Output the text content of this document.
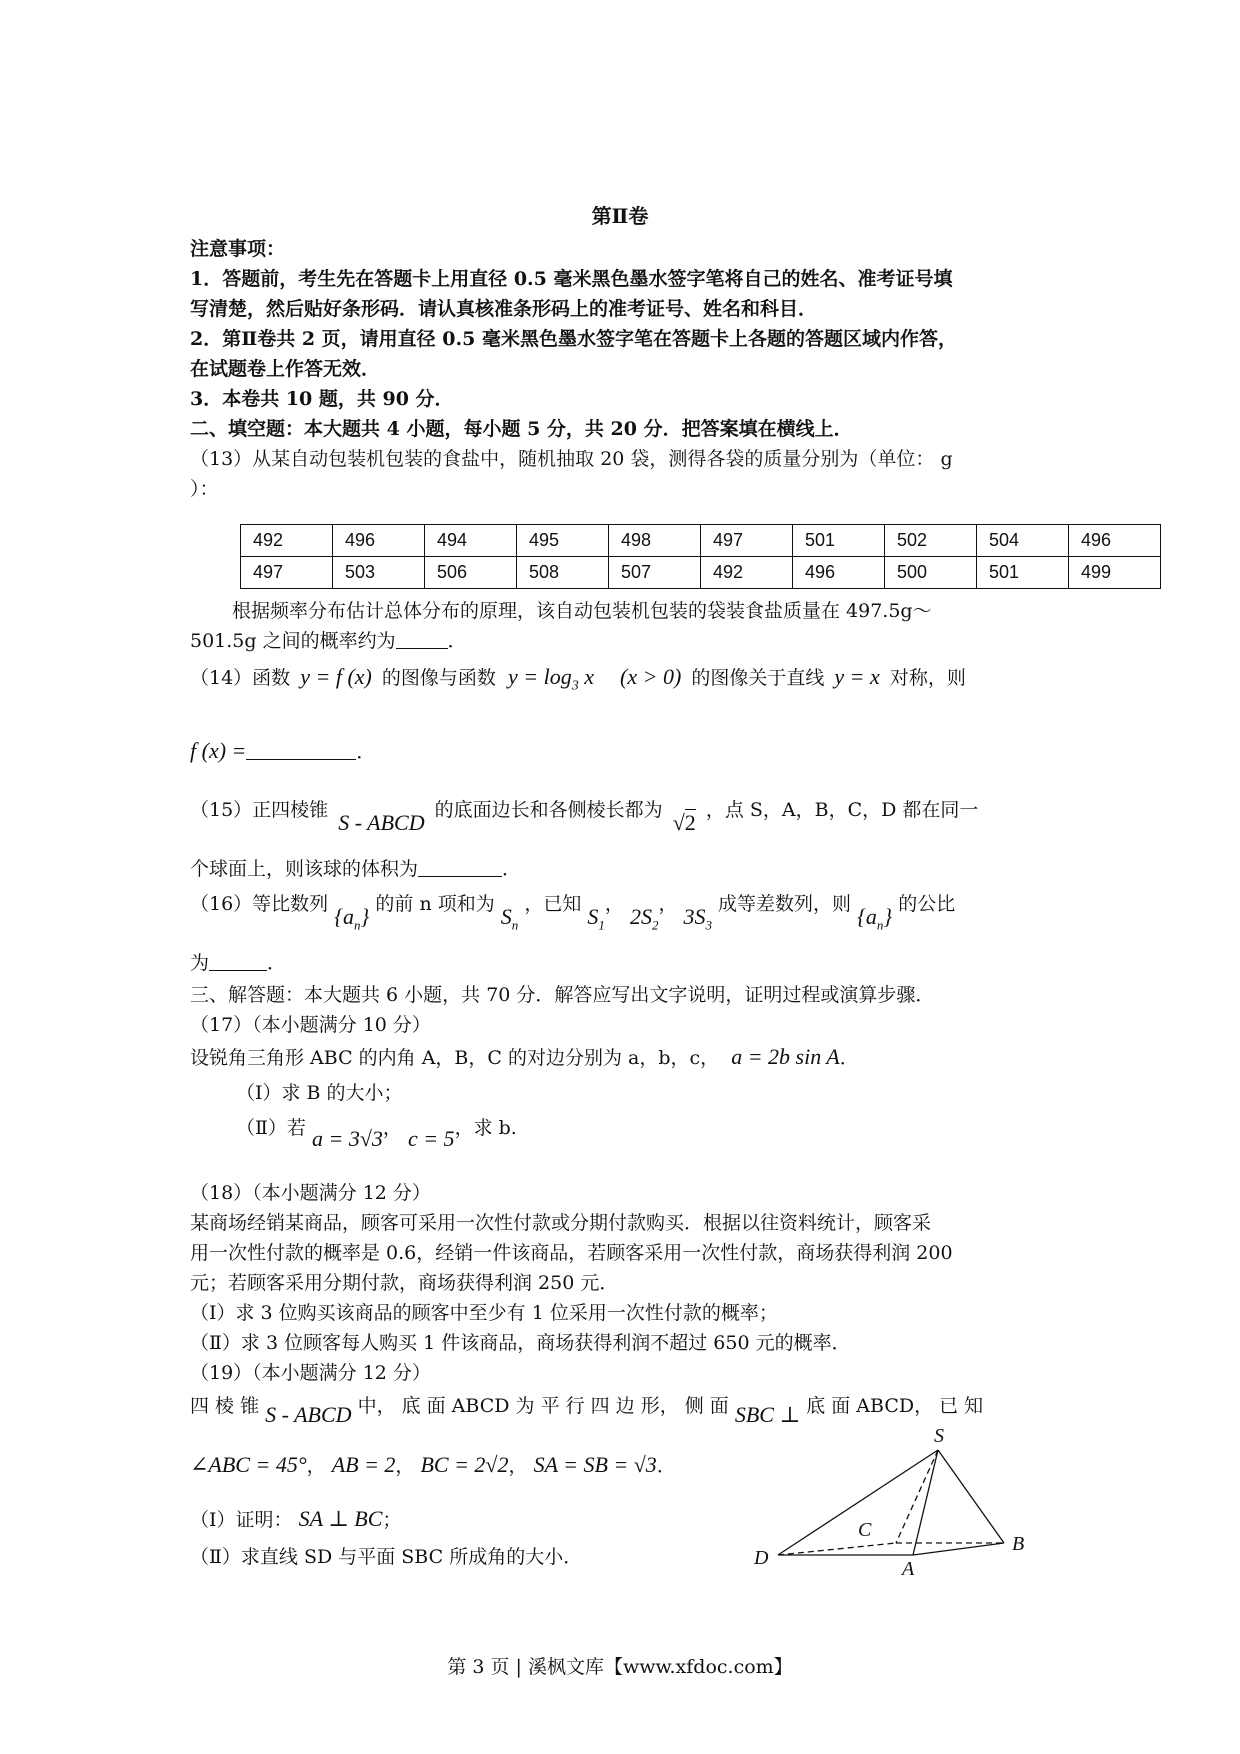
第Ⅱ卷
注意事项：
1．答题前，考生先在答题卡上用直径 0.5 毫米黑色墨水签字笔将自己的姓名、准考证号填
写清楚，然后贴好条形码．请认真核准条形码上的准考证号、姓名和科目．
2．第Ⅱ卷共 2 页，请用直径 0.5 毫米黑色墨水签字笔在答题卡上各题的答题区域内作答，
在试题卷上作答无效．
3．本卷共 10 题，共 90 分．
二、填空题：本大题共 4 小题，每小题 5 分，共 20 分．把答案填在横线上．
（13）从某自动包装机包装的食盐中，随机抽取 20 袋，测得各袋的质量分别为（单位： g
）：
492	496	494	495	498	497	501	502	504	496
497	503	506	508	507	492	496	500	501	499
根据频率分布估计总体分布的原理，该自动包装机包装的袋装食盐质量在 497.5g～
501.5g 之间的概率约为	．
（14）函数 y = f (x) 的图像与函数 $y = \log_3 x$ (x > 0) 的图像关于直线 y = x 对称，则
f (x) =	．
（15）正四棱锥 S - ABCD 的底面边长和各侧棱长都为 √2 ，点 S，A，B，C，D 都在同一
个球面上，则该球的体积为	．
（16）等比数列 $\{a_n\}$ 的前 n 项和为 $S_n$ ，已知 $S_1$， $2S_2$， $3S_3$ 成等差数列，则 $\{a_n\}$ 的公比
为	．
三、解答题：本大题共 6 小题，共 70 分．解答应写出文字说明，证明过程或演算步骤．
（17）（本小题满分 10 分）
设锐角三角形 ABC 的内角 A，B，C 的对边分别为 a，b，c， a = 2b sin A．
（Ⅰ）求 B 的大小；
（Ⅱ）若 a = 3√3， c = 5，求 b.
（18）（本小题满分 12 分）
某商场经销某商品，顾客可采用一次性付款或分期付款购买．根据以往资料统计，顾客采
用一次性付款的概率是 0.6，经销一件该商品，若顾客采用一次性付款，商场获得利润 200
元；若顾客采用分期付款，商场获得利润 250 元．
（Ⅰ）求 3 位购买该商品的顾客中至少有 1 位采用一次性付款的概率；
（Ⅱ）求 3 位顾客每人购买 1 件该商品，商场获得利润不超过 650 元的概率．
（19）（本小题满分 12 分）
四 棱 锥 S - ABCD 中， 底 面 ABCD 为 平 行 四 边 形， 侧 面 SBC ⊥ 底 面 ABCD， 已 知
∠ABC = 45°， AB = 2， BC = 2√2， SA = SB = √3．
（Ⅰ）证明： SA ⊥ BC；
（Ⅱ）求直线 SD 与平面 SBC 所成角的大小．
S
C
B
D	A
第 3 页 | 溪枫文库【www.xfdoc.com】
